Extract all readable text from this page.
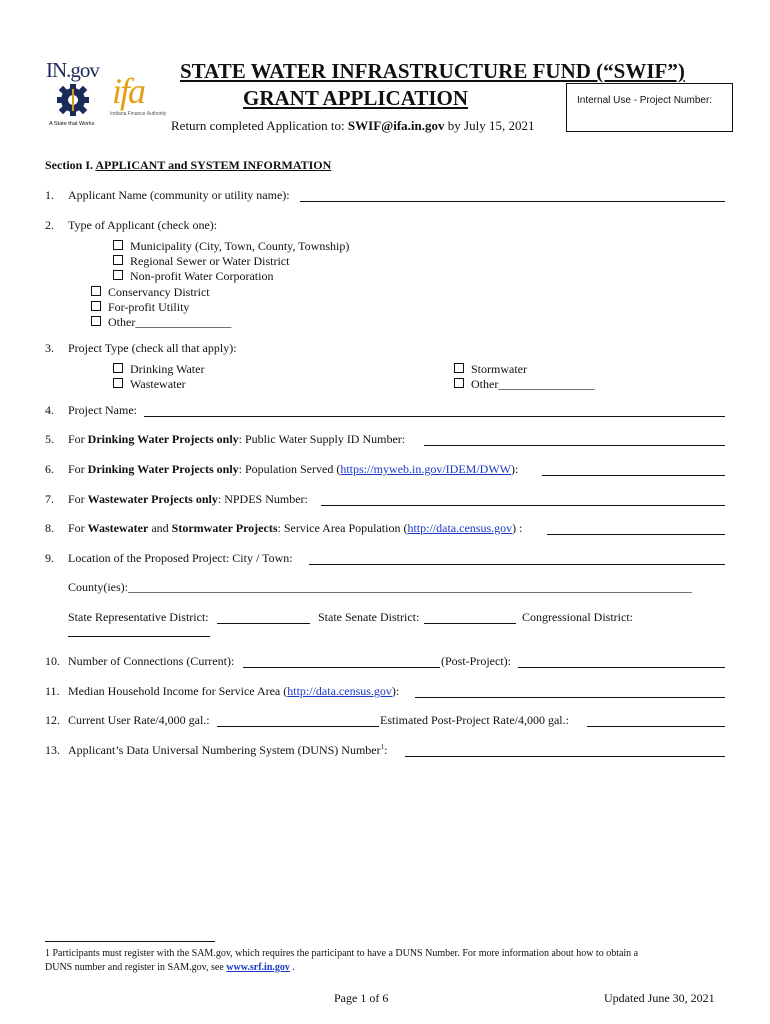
IN.gov
A State that Works
ifa
Indiana Finance Authority
STATE WATER INFRASTRUCTURE FUND (“SWIF”)
GRANT APPLICATION
Return completed Application to: SWIF@ifa.in.gov by July 15, 2021
Internal Use - Project Number:
Section I. APPLICANT and SYSTEM INFORMATION
1. Applicant Name (community or utility name):
2. Type of Applicant (check one):
Municipality (City, Town, County, Township)
Regional Sewer or Water District
Non-profit Water Corporation
Conservancy District
For-profit Utility
Other________________
3. Project Type (check all that apply):
Drinking Water
Wastewater
Stormwater
Other________________
4. Project Name:
5. For Drinking Water Projects only: Public Water Supply ID Number:
6. For Drinking Water Projects only: Population Served (https://myweb.in.gov/IDEM/DWW):
7. For Wastewater Projects only: NPDES Number:
8. For Wastewater and Stormwater Projects: Service Area Population (http://data.census.gov) :
9. Location of the Proposed Project: City / Town:
County(ies):______________________________________________________________________________________________
State Representative District:	State Senate District:	Congressional District:
10. Number of Connections (Current):	(Post-Project):
11. Median Household Income for Service Area (http://data.census.gov):
12. Current User Rate/4,000 gal.:	Estimated Post-Project Rate/4,000 gal.:
13. Applicant’s Data Universal Numbering System (DUNS) Number$^1$:
1 Participants must register with the SAM.gov, which requires the participant to have a DUNS Number. For more information about how to obtain a
DUNS number and register in SAM.gov, see www.srf.in.gov .
Page 1 of 6	Updated June 30, 2021
